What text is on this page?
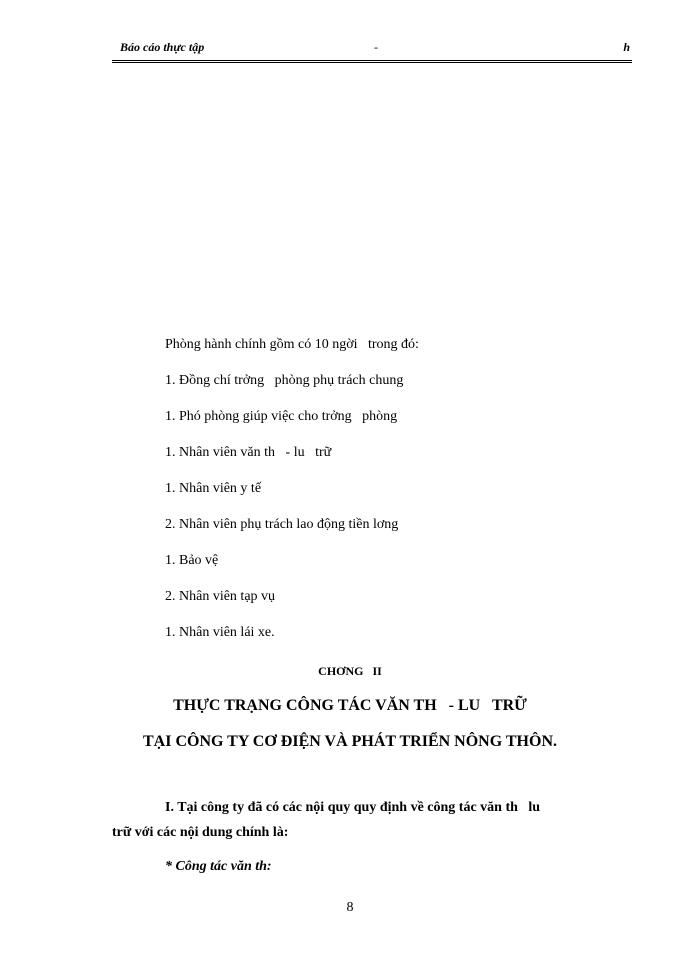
Báo cáo thực tập	-	h
Phòng hành chính gồm có 10 ngời   trong đó:
1. Đồng chí trởng   phòng phụ trách chung
1. Phó phòng giúp việc cho trởng   phòng
1. Nhân viên văn th   - lu   trữ
1. Nhân viên y tế
2. Nhân viên phụ trách lao động tiền lơng
1. Bảo vệ
2. Nhân viên tạp vụ
1. Nhân viên lái xe.
CHƠNG   II
THỰC TRẠNG CÔNG TÁC VĂN TH   - LU   TRỮ
TẠI CÔNG TY CƠ ĐIỆN VÀ PHÁT TRIỂN NÔNG THÔN.
I. Tại công ty đã có các nội quy quy định về công tác văn th   lu
trữ với các nội dung chính là:
* Công tác văn th:
8
